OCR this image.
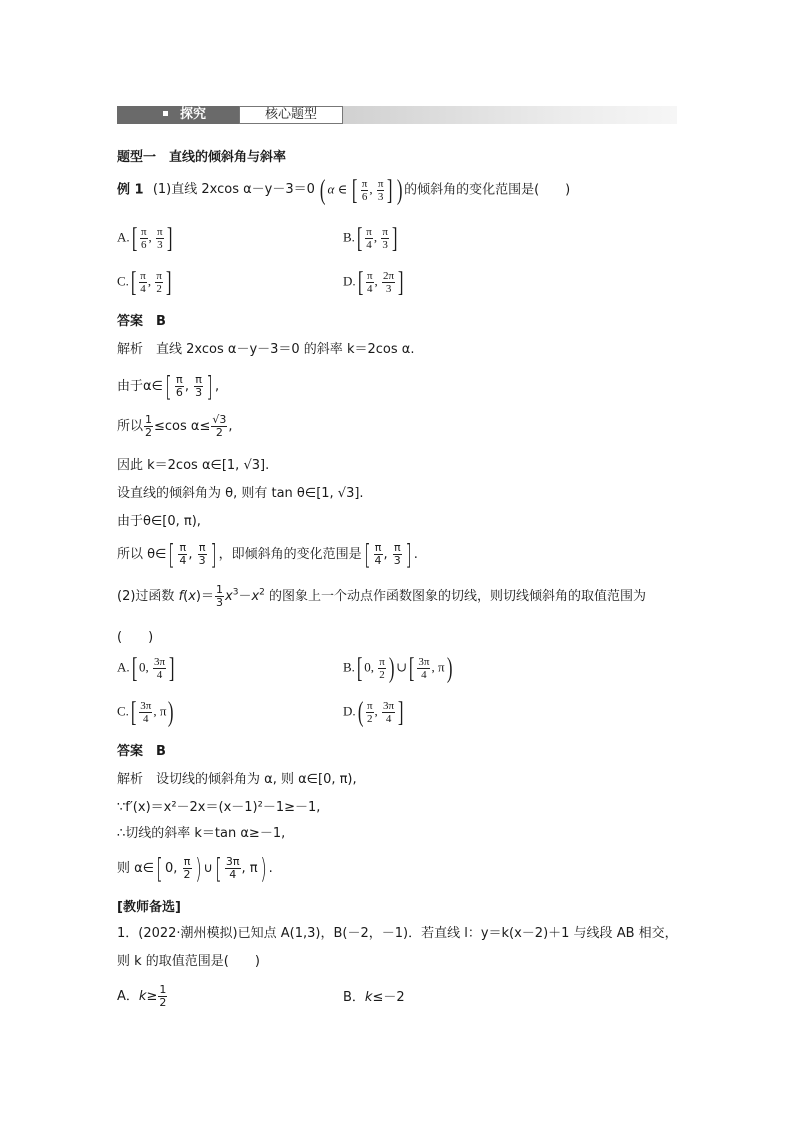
探究	核心题型
题型一　直线的倾斜角与斜率
例 1 (1)直线 2xcos α－y－3＝0 ( α ∈ [ $\frac{\pi}{6}$ , $\frac{\pi}{3}$ ] ) 的倾斜角的变化范围是(　　)
$A.[ \frac{\pi}{6}$ , $\frac{\pi}{3}$ ]	$B.[ \frac{\pi}{4}$ , $\frac{\pi}{3}$ ]
$C.[ \frac{\pi}{4}$ , $\frac{\pi}{2}$ ]	$D.[ \frac{\pi}{4}$ , $\frac{2\pi}{3}$ ]
答案　B
解析　直线 2xcos α－y－3＝0 的斜率 k＝2cos α.
由于α∈[ $\frac{\pi}{6}$ , $\frac{\pi}{3}$ ] ,
所以 $\frac{1}{2} \le\cos$ $\alpha\le \frac{√3}{2}$ ,
因此 k＝2cos α∈[1, √3].
设直线的倾斜角为 θ, 则有 tan θ∈[1, √3].
由于θ∈[0, π),
所以 θ∈[ $\frac{\pi}{4}$ , $\frac{\pi}{3}$ ] ，即倾斜角的变化范围是[ $\frac{\pi}{4}$ , $\frac{\pi}{3}$ ] .
(2)过函数 $f(x)= \frac{1}{3} x^3-x^2$ 的图象上一个动点作函数图象的切线，则切线倾斜角的取值范围为
(　　)
A.[ 0, $\frac{3\pi}{4}$ ]	B.[ 0, $\frac{\pi}{2}$ ) ∪[ $\frac{3\pi}{4}$ , π)
$C.[ \frac{3\pi}{4}$ , π)	$D.( \frac{\pi}{2}$ , $\frac{3\pi}{4}$ ]
答案　B
解析　设切线的倾斜角为 α, 则 α∈[0, π),
∵f′(x)＝x²－2x＝(x－1)²－1≥－1,
∴切线的斜率 k＝tan α≥－1,
则 α∈[ 0, $\frac{\pi}{2}$ ) ∪[ $\frac{3\pi}{4}$ , π) .
[教师备选]
1．(2022·潮州模拟)已知点 A(1,3)，B(－2，－1)．若直线 l：y＝k(x－2)＋1 与线段 AB 相交，
则 k 的取值范围是(　　)
A．$k\ge \frac{1}{2}$	B．k≤－2
